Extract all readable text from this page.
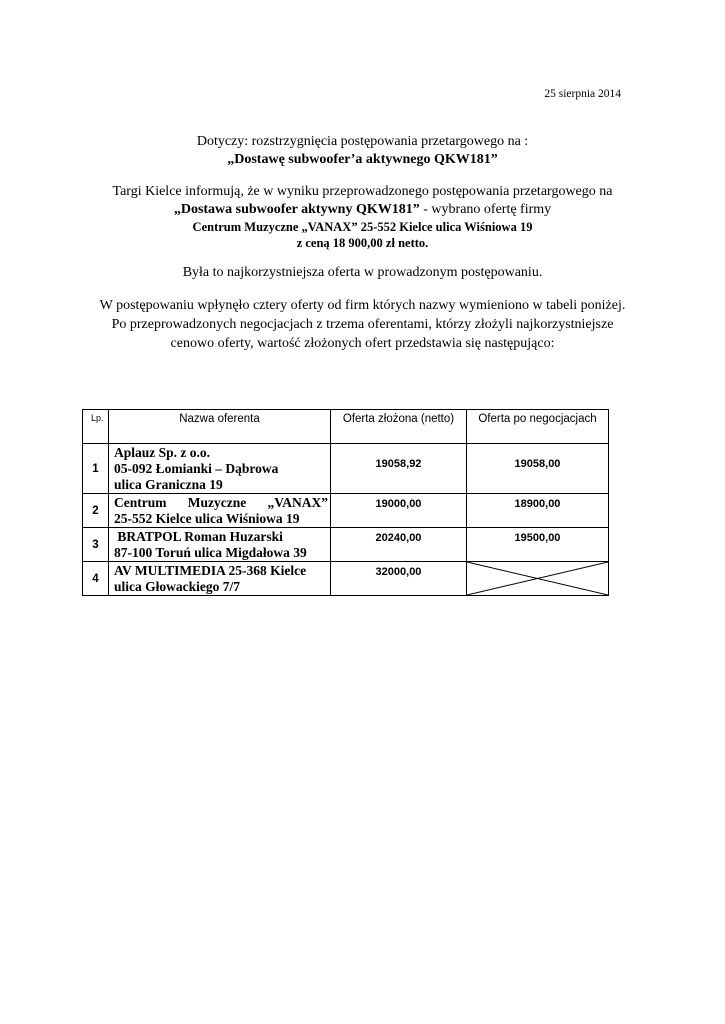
25 sierpnia 2014
Dotyczy: rozstrzygnięcia postępowania przetargowego na :
„Dostawę subwoofer’a aktywnego QKW181”
Targi Kielce informują, że w wyniku przeprowadzonego postępowania przetargowego na
„Dostawa subwoofer aktywny QKW181” - wybrano ofertę firmy
Centrum Muzyczne „VANAX” 25-552 Kielce ulica Wiśniowa 19
z ceną 18 900,00 zł netto.
Była to najkorzystniejsza oferta w prowadzonym postępowaniu.
W postępowaniu wpłynęło cztery oferty od firm których nazwy wymieniono w tabeli poniżej.
Po przeprowadzonych negocjacjach z trzema oferentami, którzy złożyli najkorzystniejsze
cenowo oferty, wartość złożonych ofert przedstawia się następująco:
Lp.	Nazwa oferenta	Oferta złożona (netto)	Oferta po negocjacjach
1	Aplauz Sp. z o.o.
05-092 Łomianki – Dąbrowa
ulica Graniczna 19	19058,92	19058,00
2	Centrum Muzyczne „VANAX”
25-552 Kielce ulica Wiśniowa 19	19000,00	18900,00
3	BRATPOL Roman Huzarski
87-100 Toruń ulica Migdałowa 39	20240,00	19500,00
4	AV MULTIMEDIA 25-368 Kielce
ulica Głowackiego 7/7	32000,00	
